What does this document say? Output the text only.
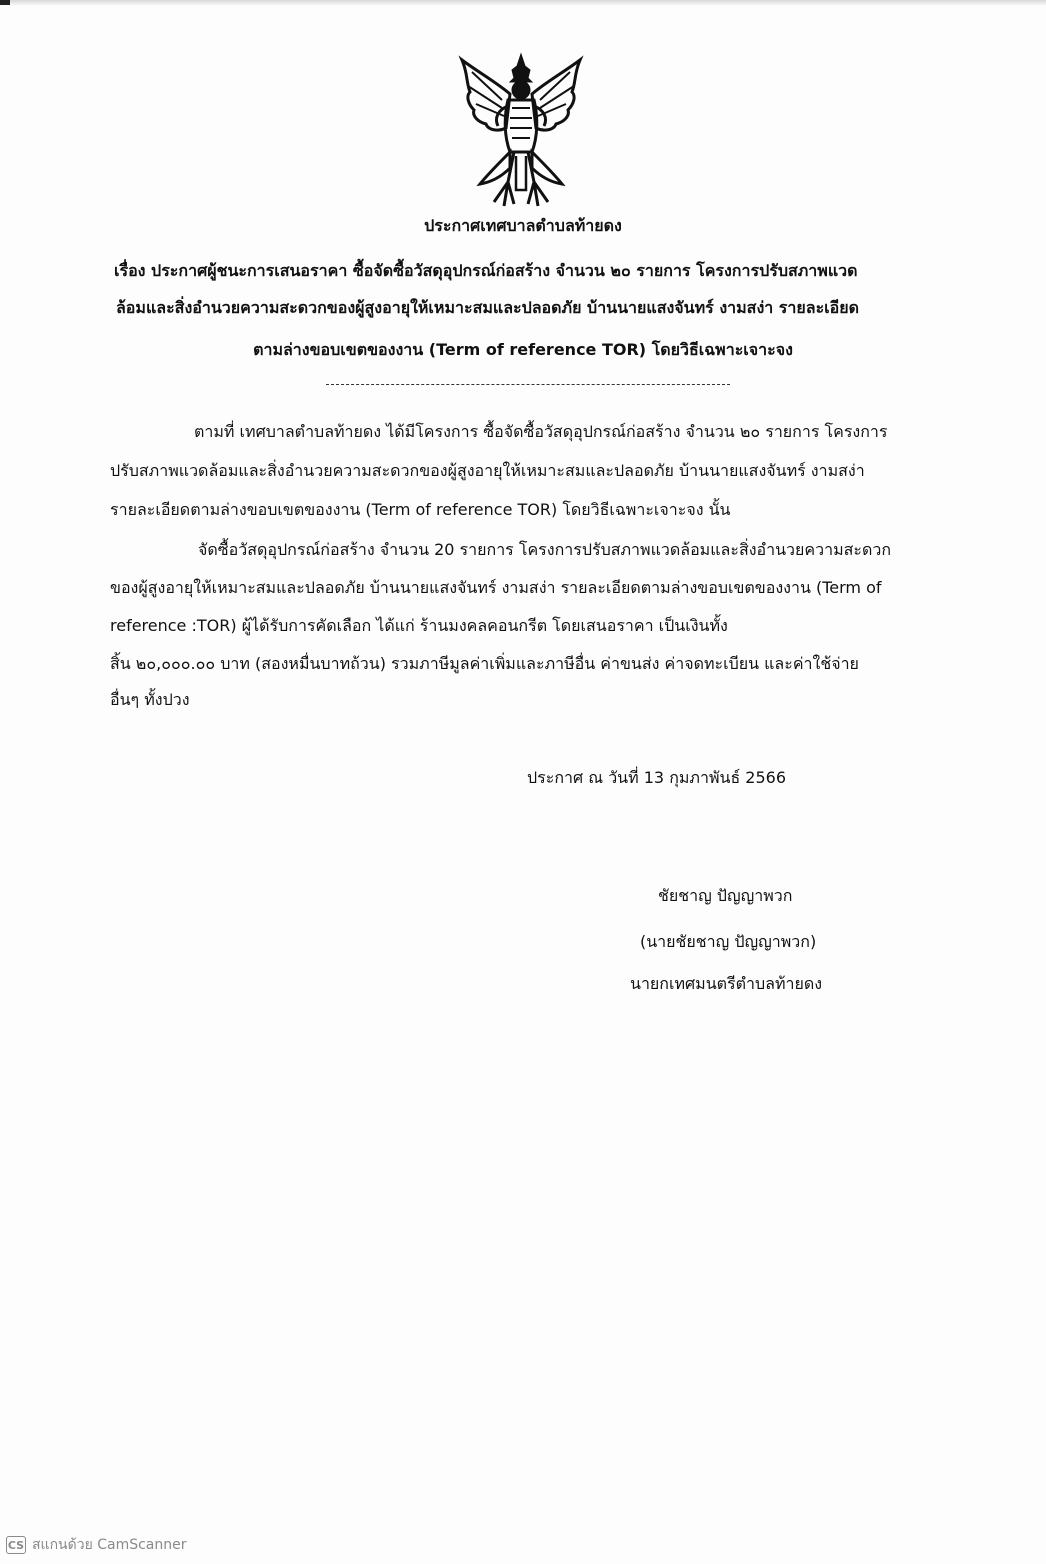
ประกาศเทศบาลตำบลท้ายดง
เรื่อง ประกาศผู้ชนะการเสนอราคา ซื้อจัดซื้อวัสดุอุปกรณ์ก่อสร้าง จำนวน ๒๐ รายการ โครงการปรับสภาพแวด
ล้อมและสิ่งอำนวยความสะดวกของผู้สูงอายุให้เหมาะสมและปลอดภัย บ้านนายแสงจันทร์ งามสง่า รายละเอียด
ตามล่างขอบเขตของงาน (Term of reference TOR) โดยวิธีเฉพาะเจาะจง
ตามที่ เทศบาลตำบลท้ายดง ได้มีโครงการ ซื้อจัดซื้อวัสดุอุปกรณ์ก่อสร้าง จำนวน ๒๐ รายการ โครงการ
ปรับสภาพแวดล้อมและสิ่งอำนวยความสะดวกของผู้สูงอายุให้เหมาะสมและปลอดภัย บ้านนายแสงจันทร์ งามสง่า
รายละเอียดตามล่างขอบเขตของงาน (Term of reference TOR) โดยวิธีเฉพาะเจาะจง นั้น
จัดซื้อวัสดุอุปกรณ์ก่อสร้าง จำนวน 20 รายการ โครงการปรับสภาพแวดล้อมและสิ่งอำนวยความสะดวก
ของผู้สูงอายุให้เหมาะสมและปลอดภัย บ้านนายแสงจันทร์ งามสง่า รายละเอียดตามล่างขอบเขตของงาน (Term of
reference :TOR) ผู้ได้รับการคัดเลือก ได้แก่ ร้านมงคลคอนกรีต โดยเสนอราคา เป็นเงินทั้ง
สิ้น ๒๐,๐๐๐.๐๐ บาท (สองหมื่นบาทถ้วน) รวมภาษีมูลค่าเพิ่มและภาษีอื่น ค่าขนส่ง ค่าจดทะเบียน และค่าใช้จ่าย
อื่นๆ ทั้งปวง
ประกาศ ณ วันที่ 13 กุมภาพันธ์ 2566
ชัยชาญ ปัญญาพวก
(นายชัยชาญ ปัญญาพวก)
นายกเทศมนตรีตำบลท้ายดง
CS สแกนด้วย CamScanner
